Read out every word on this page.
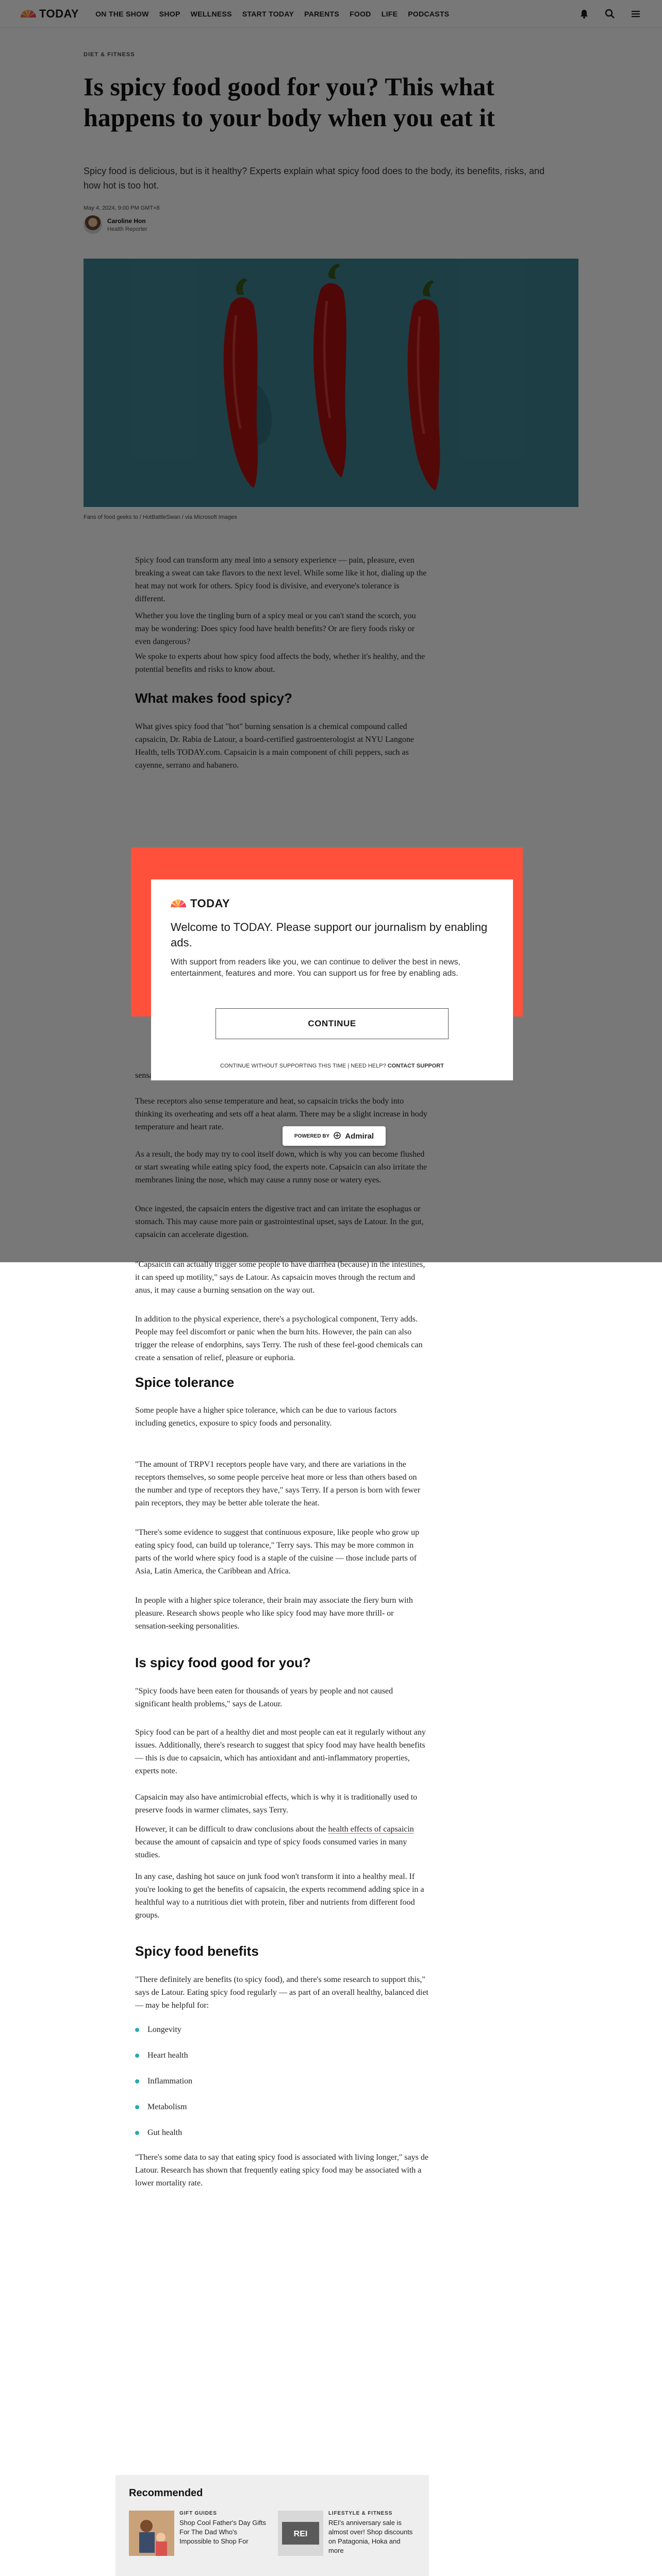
"Capsaicin can actually trigger some people to have diarrhea (because) in the intestines, it can speed up motility," says de Latour. As capsaicin moves through the rectum and anus, it may cause a burning sensation on the way out.

In addition to the physical experience, there's a psychological component, Terry adds. People may feel discomfort or panic when the burn hits. However, the pain can also trigger the release of endorphins, says Terry. The rush of these feel-good chemicals can create a sensation of relief, pleasure or euphoria.

Spice tolerance

Some people have a higher spice tolerance, which can be due to various factors including genetics, exposure to spicy foods and personality.

"The amount of TRPV1 receptors people have vary, and there are variations in the receptors themselves, so some people perceive heat more or less than others based on the number and type of receptors they have," says Terry. If a person is born with fewer pain receptors, they may be better able tolerate the heat.

"There's some evidence to suggest that continuous exposure, like people who grow up eating spicy food, can build up tolerance," Terry says. This may be more common in parts of the world where spicy food is a staple of the cuisine — those include parts of Asia, Latin America, the Caribbean and Africa.

In people with a higher spice tolerance, their brain may associate the fiery burn with pleasure. Research shows people who like spicy food may have more thrill- or sensation-seeking personalities.

Is spicy food good for you?

"Spicy foods have been eaten for thousands of years by people and not caused significant health problems," says de Latour.

Spicy food can be part of a healthy diet and most people can eat it regularly without any issues. Additionally, there's research to suggest that spicy food may have health benefits — this is due to capsaicin, which has antioxidant and anti-inflammatory properties, experts note.

Capsaicin may also have antimicrobial effects, which is why it is traditionally used to preserve foods in warmer climates, says Terry.

However, it can be difficult to draw conclusions about the health effects of capsaicin because the amount of capsaicin and type of spicy foods consumed varies in many studies.

In any case, dashing hot sauce on junk food won't transform it into a healthy meal. If you're looking to get the benefits of capsaicin, the experts recommend adding spice in a healthful way to a nutritious diet with protein, fiber and nutrients from different food groups.

Spicy food benefits

"There definitely are benefits (to spicy food), and there's some research to support this," says de Latour. Eating spicy food regularly — as part of an overall healthy, balanced diet — may be helpful for:

Longevity
Heart health
Inflammation
Metabolism
Gut health

"There's some data to say that eating spicy food is associated with living longer," says de Latour. Research has shown that frequently eating spicy food may be associated with a lower mortality rate.

Recommended
GIFT GUIDES
Shop Cool Father's Day Gifts For The Dad Who's Impossible to Shop For
REI
LIFESTYLE & FITNESS
REI's anniversary sale is almost over! Shop discounts on Patagonia, Hoka and more

TODAY
Welcome to TODAY. Please support our journalism by enabling ads.
With support from readers like you, we can continue to deliver the best in news, entertainment, features and more. You can support us for free by enabling ads.
CONTINUE
CONTINUE WITHOUT SUPPORTING THIS TIME | NEED HELP? CONTACT SUPPORT
POWERED BY Admiral
